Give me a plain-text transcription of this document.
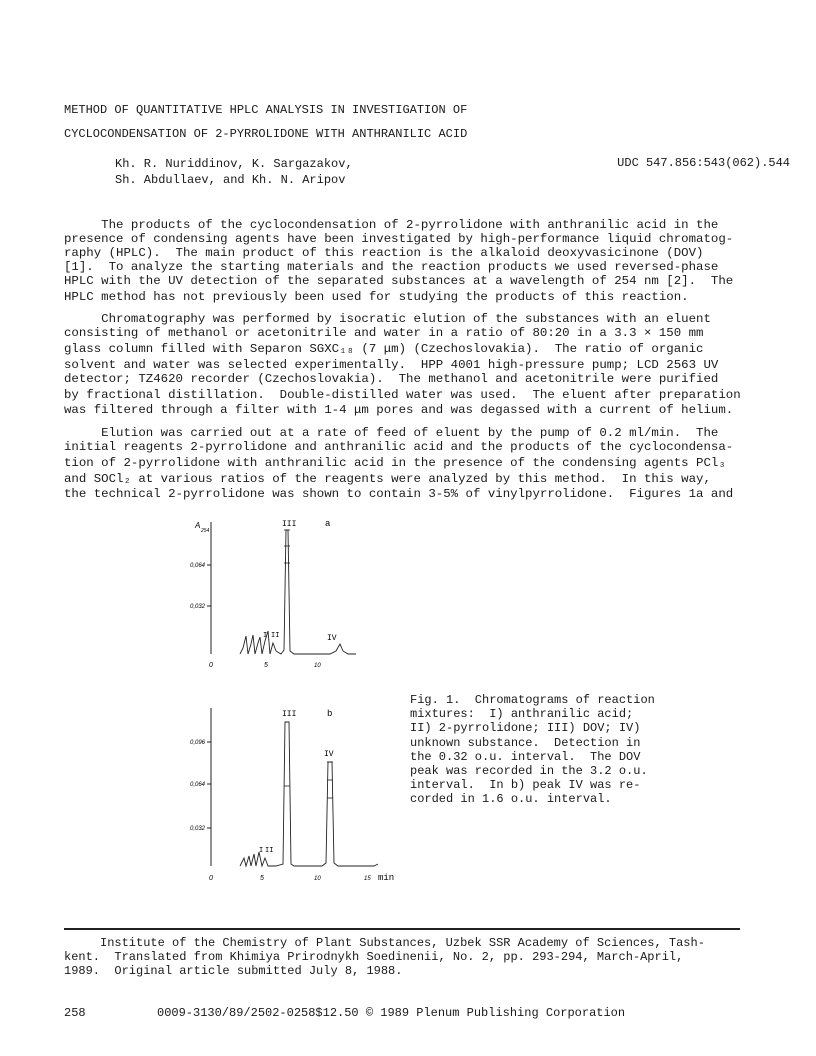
METHOD OF QUANTITATIVE HPLC ANALYSIS IN INVESTIGATION OF
CYCLOCONDENSATION OF 2-PYRROLIDONE WITH ANTHRANILIC ACID
Kh. R. Nuriddinov, K. Sargazakov,
Sh. Abdullaev, and Kh. N. Aripov
UDC 547.856:543(062).544
The products of the cyclocondensation of 2-pyrrolidone with anthranilic acid in the
presence of condensing agents have been investigated by high-performance liquid chromatog-
raphy (HPLC).  The main product of this reaction is the alkaloid deoxyvasicinone (DOV)
[1].  To analyze the starting materials and the reaction products we used reversed-phase
HPLC with the UV detection of the separated substances at a wavelength of 254 nm [2].  The
HPLC method has not previously been used for studying the products of this reaction.
Chromatography was performed by isocratic elution of the substances with an eluent
consisting of methanol or acetonitrile and water in a ratio of 80:20 in a 3.3 × 150 mm
glass column filled with Separon SGXC₁₈ (7 μm) (Czechoslovakia).  The ratio of organic
solvent and water was selected experimentally.  HPP 4001 high-pressure pump; LCD 2563 UV
detector; TZ4620 recorder (Czechoslovakia).  The methanol and acetonitrile were purified
by fractional distillation.  Double-distilled water was used.  The eluent after preparation
was filtered through a filter with 1-4 μm pores and was degassed with a current of helium.
Elution was carried out at a rate of feed of eluent by the pump of 0.2 ml/min.  The
initial reagents 2-pyrrolidone and anthranilic acid and the products of the cyclocondensa-
tion of 2-pyrrolidone with anthranilic acid in the presence of the condensing agents PCl₃
and SOCl₂ at various ratios of the reagents were analyzed by this method.  In this way,
the technical 2-pyrrolidone was shown to contain 3-5% of vinylpyrrolidone.  Figures 1a and
A
254
a
0,064
0,032
I II
III
IV
0	5	10
b
0,096
0,064
0,032
I II
III
IV
0	5	10	15 min
Fig. 1.  Chromatograms of reaction
mixtures:  I) anthranilic acid;
II) 2-pyrrolidone; III) DOV; IV)
unknown substance.  Detection in
the 0.32 o.u. interval.  The DOV
peak was recorded in the 3.2 o.u.
interval.  In b) peak IV was re-
corded in 1.6 o.u. interval.
Institute of the Chemistry of Plant Substances, Uzbek SSR Academy of Sciences, Tash-
kent.  Translated from Khimiya Prirodnykh Soedinenii, No. 2, pp. 293-294, March-April,
1989.  Original article submitted July 8, 1988.
258	0009-3130/89/2502-0258$12.50 © 1989 Plenum Publishing Corporation
